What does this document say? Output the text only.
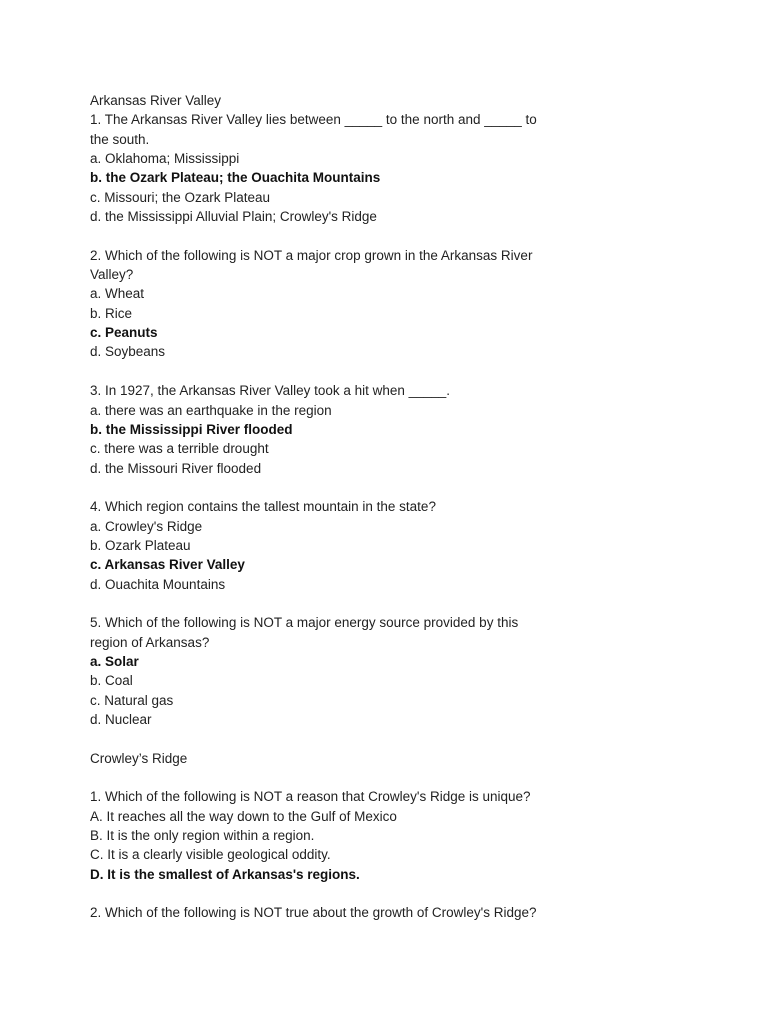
Arkansas River Valley
1. The Arkansas River Valley lies between _____ to the north and _____ to
the south.
a. Oklahoma; Mississippi
b. the Ozark Plateau; the Ouachita Mountains
c. Missouri; the Ozark Plateau
d. the Mississippi Alluvial Plain; Crowley's Ridge
2. Which of the following is NOT a major crop grown in the Arkansas River
Valley?
a. Wheat
b. Rice
c. Peanuts
d. Soybeans
3. In 1927, the Arkansas River Valley took a hit when _____.
a. there was an earthquake in the region
b. the Mississippi River flooded
c. there was a terrible drought
d. the Missouri River flooded
4. Which region contains the tallest mountain in the state?
a. Crowley's Ridge
b. Ozark Plateau
c. Arkansas River Valley
d. Ouachita Mountains
5. Which of the following is NOT a major energy source provided by this
region of Arkansas?
a. Solar
b. Coal
c. Natural gas
d. Nuclear
Crowley’s Ridge
1. Which of the following is NOT a reason that Crowley's Ridge is unique?
A. It reaches all the way down to the Gulf of Mexico
B. It is the only region within a region.
C. It is a clearly visible geological oddity.
D. It is the smallest of Arkansas's regions.
2. Which of the following is NOT true about the growth of Crowley's Ridge?
